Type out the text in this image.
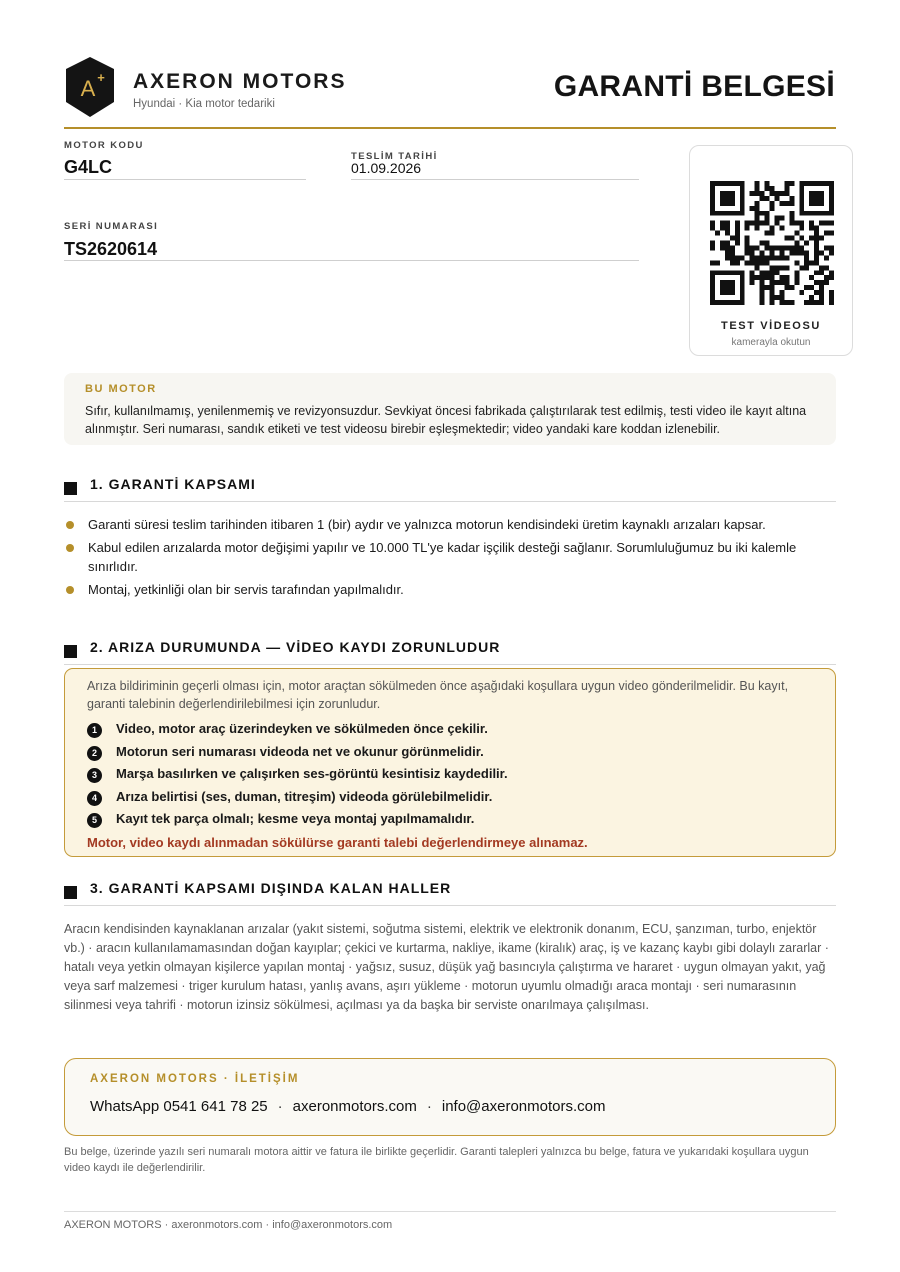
A + AXERON MOTORS
Hyundai · Kia motor tedariki
GARANTİ BELGESİ
MOTOR KODU
G4LC
TESLİM TARİHİ
01.09.2026
SERİ NUMARASI
TS2620614
TEST VİDEOSU
kamerayla okutun
BU MOTOR
Sıfır, kullanılmamış, yenilenmemiş ve revizyonsuzdur. Sevkiyat öncesi fabrikada çalıştırılarak test edilmiş, testi video ile kayıt altına alınmıştır. Seri numarası, sandık etiketi ve test videosu birebir eşleşmektedir; video yandaki kare koddan izlenebilir.
1. GARANTİ KAPSAMI
Garanti süresi teslim tarihinden itibaren 1 (bir) aydır ve yalnızca motorun kendisindeki üretim kaynaklı arızaları kapsar.
Kabul edilen arızalarda motor değişimi yapılır ve 10.000 TL'ye kadar işçilik desteği sağlanır. Sorumluluğumuz bu iki kalemle sınırlıdır.
Montaj, yetkinliği olan bir servis tarafından yapılmalıdır.
2. ARIZA DURUMUNDA — VİDEO KAYDI ZORUNLUDUR
Arıza bildiriminin geçerli olması için, motor araçtan sökülmeden önce aşağıdaki koşullara uygun video gönderilmelidir. Bu kayıt, garanti talebinin değerlendirilebilmesi için zorunludur.
1	Video, motor araç üzerindeyken ve sökülmeden önce çekilir.
2	Motorun seri numarası videoda net ve okunur görünmelidir.
3	Marşa basılırken ve çalışırken ses-görüntü kesintisiz kaydedilir.
4	Arıza belirtisi (ses, duman, titreşim) videoda görülebilmelidir.
5	Kayıt tek parça olmalı; kesme veya montaj yapılmamalıdır.
Motor, video kaydı alınmadan sökülürse garanti talebi değerlendirmeye alınamaz.
3. GARANTİ KAPSAMI DIŞINDA KALAN HALLER
Aracın kendisinden kaynaklanan arızalar (yakıt sistemi, soğutma sistemi, elektrik ve elektronik donanım, ECU, şanzıman, turbo, enjektör vb.) · aracın kullanılamamasından doğan kayıplar; çekici ve kurtarma, nakliye, ikame (kiralık) araç, iş ve kazanç kaybı gibi dolaylı zararlar · hatalı veya yetkin olmayan kişilerce yapılan montaj · yağsız, susuz, düşük yağ basıncıyla çalıştırma ve hararet · uygun olmayan yakıt, yağ veya sarf malzemesi · triger kurulum hatası, yanlış avans, aşırı yükleme · motorun uyumlu olmadığı araca montajı · seri numarasının silinmesi veya tahrifi · motorun izinsiz sökülmesi, açılması ya da başka bir serviste onarılmaya çalışılması.
AXERON MOTORS · İLETİŞİM
WhatsApp 0541 641 78 25 · axeronmotors.com · info@axeronmotors.com
Bu belge, üzerinde yazılı seri numaralı motora aittir ve fatura ile birlikte geçerlidir. Garanti talepleri yalnızca bu belge, fatura ve yukarıdaki koşullara uygun video kaydı ile değerlendirilir.
AXERON MOTORS · axeronmotors.com · info@axeronmotors.com
